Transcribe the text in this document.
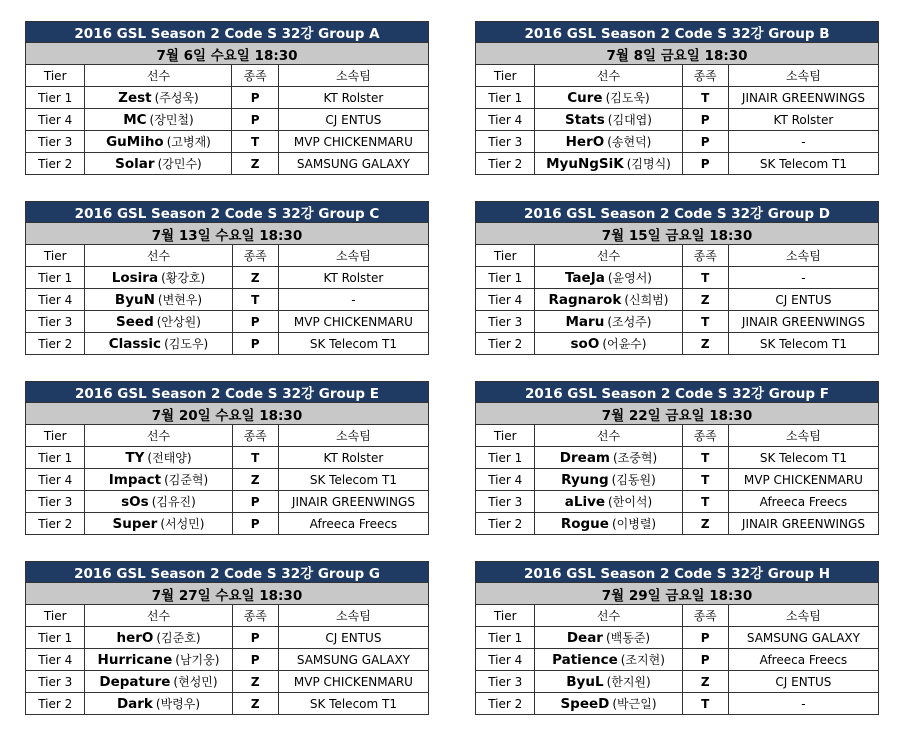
2016 GSL Season 2 Code S 32강 Group A			
7월 6일 수요일 18:30			
Tier	선수	종족	소속팀
Tier 1	Zest (주성욱)	P	KT Rolster
Tier 4	MC (장민철)	P	CJ ENTUS
Tier 3	GuMiho (고병재)	T	MVP CHICKENMARU
Tier 2	Solar (강민수)	Z	SAMSUNG GALAXY
2016 GSL Season 2 Code S 32강 Group B			
7월 8일 금요일 18:30			
Tier	선수	종족	소속팀
Tier 1	Cure (김도욱)	T	JINAIR GREENWINGS
Tier 4	Stats (김대엽)	P	KT Rolster
Tier 3	HerO (송현덕)	P	-
Tier 2	MyuNgSiK (김명식)	P	SK Telecom T1
2016 GSL Season 2 Code S 32강 Group C			
7월 13일 수요일 18:30			
Tier	선수	종족	소속팀
Tier 1	Losira (황강호)	Z	KT Rolster
Tier 4	ByuN (변현우)	T	-
Tier 3	Seed (안상원)	P	MVP CHICKENMARU
Tier 2	Classic (김도우)	P	SK Telecom T1
2016 GSL Season 2 Code S 32강 Group D			
7월 15일 금요일 18:30			
Tier	선수	종족	소속팀
Tier 1	TaeJa (윤영서)	T	-
Tier 4	Ragnarok (신희범)	Z	CJ ENTUS
Tier 3	Maru (조성주)	T	JINAIR GREENWINGS
Tier 2	soO (어윤수)	Z	SK Telecom T1
2016 GSL Season 2 Code S 32강 Group E			
7월 20일 수요일 18:30			
Tier	선수	종족	소속팀
Tier 1	TY (전태양)	T	KT Rolster
Tier 4	Impact (김준혁)	Z	SK Telecom T1
Tier 3	sOs (김유진)	P	JINAIR GREENWINGS
Tier 2	Super (서성민)	P	Afreeca Freecs
2016 GSL Season 2 Code S 32강 Group F			
7월 22일 금요일 18:30			
Tier	선수	종족	소속팀
Tier 1	Dream (조중혁)	T	SK Telecom T1
Tier 4	Ryung (김동원)	T	MVP CHICKENMARU
Tier 3	aLive (한이석)	T	Afreeca Freecs
Tier 2	Rogue (이병렬)	Z	JINAIR GREENWINGS
2016 GSL Season 2 Code S 32강 Group G			
7월 27일 수요일 18:30			
Tier	선수	종족	소속팀
Tier 1	herO (김준호)	P	CJ ENTUS
Tier 4	Hurricane (남기웅)	P	SAMSUNG GALAXY
Tier 3	Depature (현성민)	Z	MVP CHICKENMARU
Tier 2	Dark (박령우)	Z	SK Telecom T1
2016 GSL Season 2 Code S 32강 Group H			
7월 29일 금요일 18:30			
Tier	선수	종족	소속팀
Tier 1	Dear (백동준)	P	SAMSUNG GALAXY
Tier 4	Patience (조지현)	P	Afreeca Freecs
Tier 3	ByuL (한지원)	Z	CJ ENTUS
Tier 2	SpeeD (박근일)	T	-
